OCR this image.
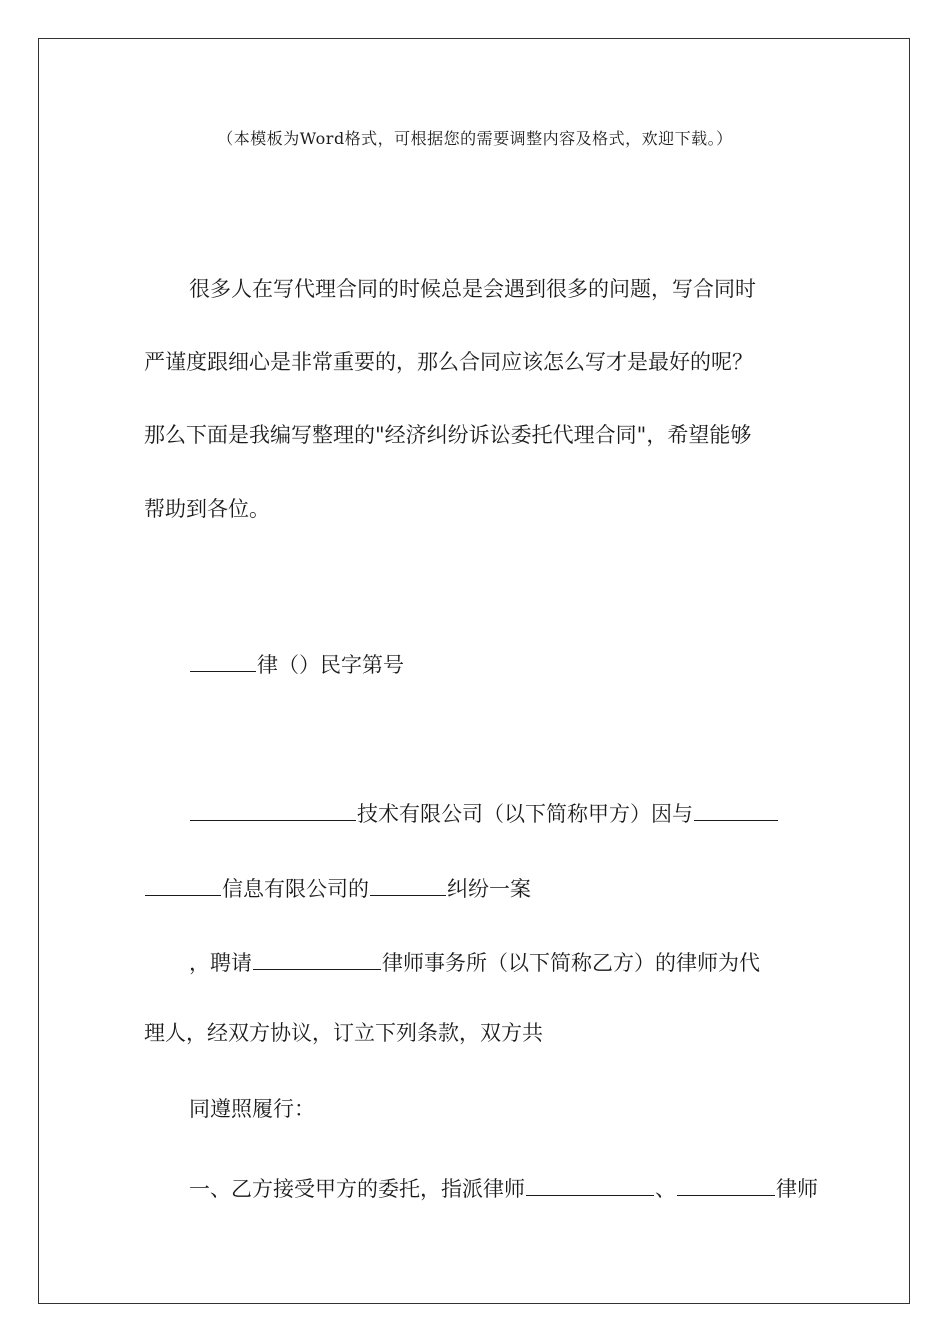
（本模板为Word格式，可根据您的需要调整内容及格式，欢迎下载。）
很多人在写代理合同的时候总是会遇到很多的问题，写合同时
严谨度跟细心是非常重要的，那么合同应该怎么写才是最好的呢？
那么下面是我编写整理的"经济纠纷诉讼委托代理合同"，希望能够
帮助到各位。
律（）民字第号
技术有限公司（以下简称甲方）因与
信息有限公司的	纠纷一案
，聘请	律师事务所（以下简称乙方）的律师为代
理人，经双方协议，订立下列条款，双方共
同遵照履行：
一、乙方接受甲方的委托，指派律师	、	律师
